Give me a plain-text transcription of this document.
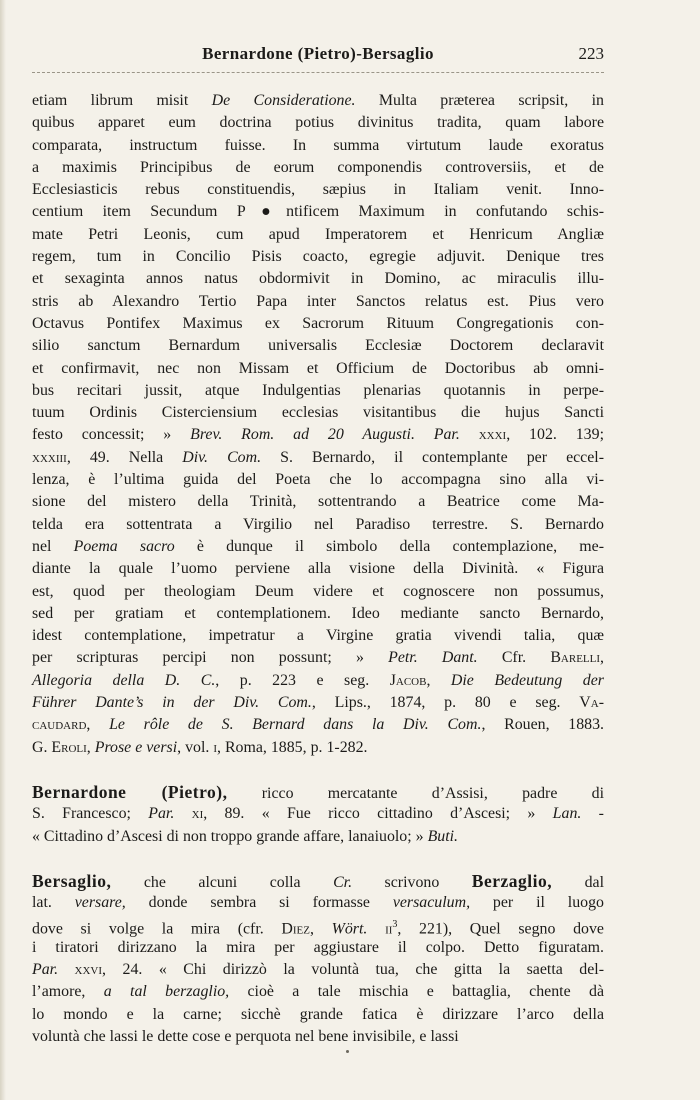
Bernardone (Pietro)-Bersaglio	223
etiam librum misit De Consideratione. Multa præterea scripsit, in
quibus apparet eum doctrina potius divinitus tradita, quam labore
comparata, instructum fuisse. In summa virtutum laude exoratus
a maximis Principibus de eorum componendis controversiis, et de
Ecclesiasticis rebus constituendis, sæpius in Italiam venit. Inno-
centium item Secundum P●ntificem Maximum in confutando schis-
mate Petri Leonis, cum apud Imperatorem et Henricum Angliæ
regem, tum in Concilio Pisis coacto, egregie adjuvit. Denique tres
et sexaginta annos natus obdormivit in Domino, ac miraculis illu-
stris ab Alexandro Tertio Papa inter Sanctos relatus est. Pius vero
Octavus Pontifex Maximus ex Sacrorum Rituum Congregationis con-
silio sanctum Bernardum universalis Ecclesiæ Doctorem declaravit
et confirmavit, nec non Missam et Officium de Doctoribus ab omni-
bus recitari jussit, atque Indulgentias plenarias quotannis in perpe-
tuum Ordinis Cisterciensium ecclesias visitantibus die hujus Sancti
festo concessit; » Brev. Rom. ad 20 Augusti. Par. xxxi, 102. 139;
xxxiii, 49. Nella Div. Com. S. Bernardo, il contemplante per eccel-
lenza, è l’ultima guida del Poeta che lo accompagna sino alla vi-
sione del mistero della Trinità, sottentrando a Beatrice come Ma-
telda era sottentrata a Virgilio nel Paradiso terrestre. S. Bernardo
nel Poema sacro è dunque il simbolo della contemplazione, me-
diante la quale l’uomo perviene alla visione della Divinità. « Figura
est, quod per theologiam Deum videre et cognoscere non possumus,
sed per gratiam et contemplationem. Ideo mediante sancto Bernardo,
idest contemplatione, impetratur a Virgine gratia vivendi talia, quæ
per scripturas percipi non possunt; » Petr. Dant. Cfr. Barelli,
Allegoria della D. C., p. 223 e seg. Jacob, Die Bedeutung der
Führer Dante’s in der Div. Com., Lips., 1874, p. 80 e seg. Va-
caudard, Le rôle de S. Bernard dans la Div. Com., Rouen, 1883.
G. Eroli, Prose e versi, vol. i, Roma, 1885, p. 1-282.
Bernardone (Pietro), ricco mercatante d’Assisi, padre di
S. Francesco; Par. xi, 89. « Fue ricco cittadino d’Ascesi; » Lan. -
« Cittadino d’Ascesi di non troppo grande affare, lanaiuolo; » Buti.
Bersaglio, che alcuni colla Cr. scrivono Berzaglio, dal
lat. versare, donde sembra si formasse versaculum, per il luogo
dove si volge la mira (cfr. Diez, Wört. $ii^3$, 221), Quel segno dove
i tiratori dirizzano la mira per aggiustare il colpo. Detto figuratam.
Par. xxvi, 24. « Chi dirizzò la voluntà tua, che gitta la saetta del-
l’amore, a tal berzaglio, cioè a tale mischia e battaglia, chente dà
lo mondo e la carne; sicchè grande fatica è dirizzare l’arco della
voluntà che lassi le dette cose e perquota nel bene invisibile, e lassi
